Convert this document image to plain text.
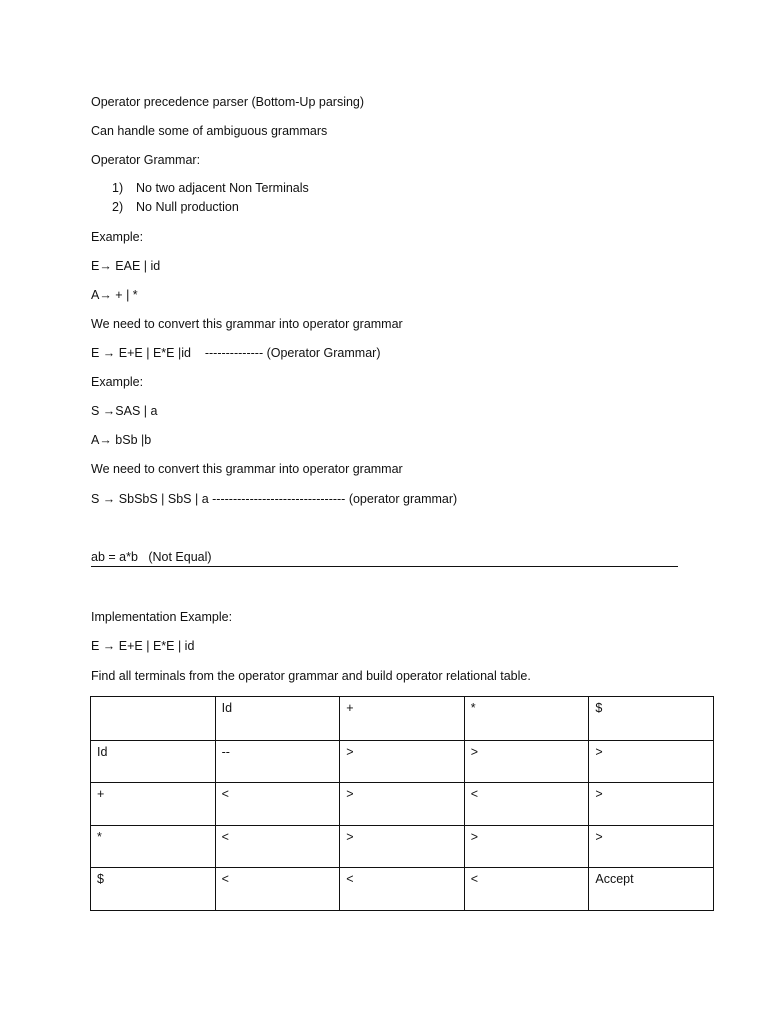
Operator precedence parser (Bottom-Up parsing)
Can handle some of ambiguous grammars
Operator Grammar:
1) No two adjacent Non Terminals
2) No Null production
Example:
E→ EAE | id
A→ + | *
We need to convert this grammar into operator grammar
E → E+E | E*E |id    -------------- (Operator Grammar)
Example:
S →SAS | a
A→ bSb |b
We need to convert this grammar into operator grammar
S → SbSbS | SbS | a -------------------------------- (operator grammar)
ab = a*b   (Not Equal)
Implementation Example:
E → E+E | E*E | id
Find all terminals from the operator grammar and build operator relational table.
	Id	+	*	$
Id	--	>	>	>
+	<	>	<	>
*	<	>	>	>
$	<	<	<	Accept
